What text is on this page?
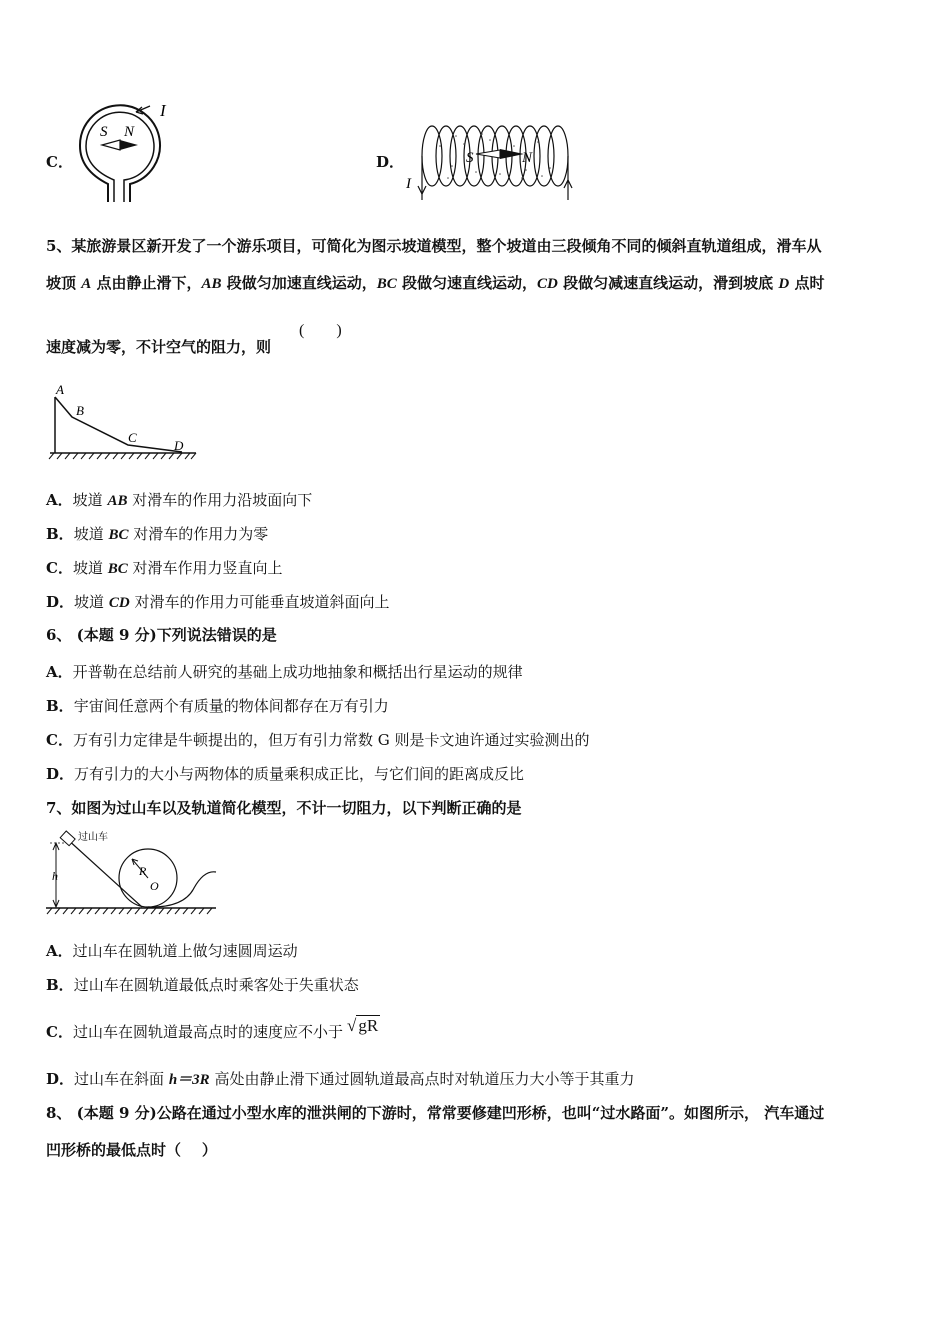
C．
I
S N
D．
I
S	N
5、某旅游景区新开发了一个游乐项目，可简化为图示坡道模型，整个坡道由三段倾角不同的倾斜直轨道组成，滑车从
坡顶 A 点由静止滑下，AB 段做匀加速直线运动，BC 段做匀速直线运动，CD 段做匀减速直线运动，滑到坡底 D 点时
速度减为零，不计空气的阻力，则
(        )
A
B
C
D
A．坡道 AB 对滑车的作用力沿坡面向下
B．坡道 BC 对滑车的作用力为零
C．坡道 BC 对滑车作用力竖直向上
D．坡道 CD 对滑车的作用力可能垂直坡道斜面向上
6、 (本题 9 分)下列说法错误的是
A．开普勒在总结前人研究的基础上成功地抽象和概括出行星运动的规律
B．宇宙间任意两个有质量的物体间都存在万有引力
C．万有引力定律是牛顿提出的，但万有引力常数 G 则是卡文迪许通过实验测出的
D．万有引力的大小与两物体的质量乘积成正比，与它们间的距离成反比
7、如图为过山车以及轨道简化模型，不计一切阻力，以下判断正确的是
h
过山车
R
O
A．过山车在圆轨道上做匀速圆周运动
B．过山车在圆轨道最低点时乘客处于失重状态
C．过山车在圆轨道最高点时的速度应不小于 √ gR
D．过山车在斜面 h＝3R 高处由静止滑下通过圆轨道最高点时对轨道压力大小等于其重力
8、 (本题 9 分)公路在通过小型水库的泄洪闸的下游时，常常要修建凹形桥，也叫“过水路面”。如图所示， 汽车通过
凹形桥的最低点时（    ）
